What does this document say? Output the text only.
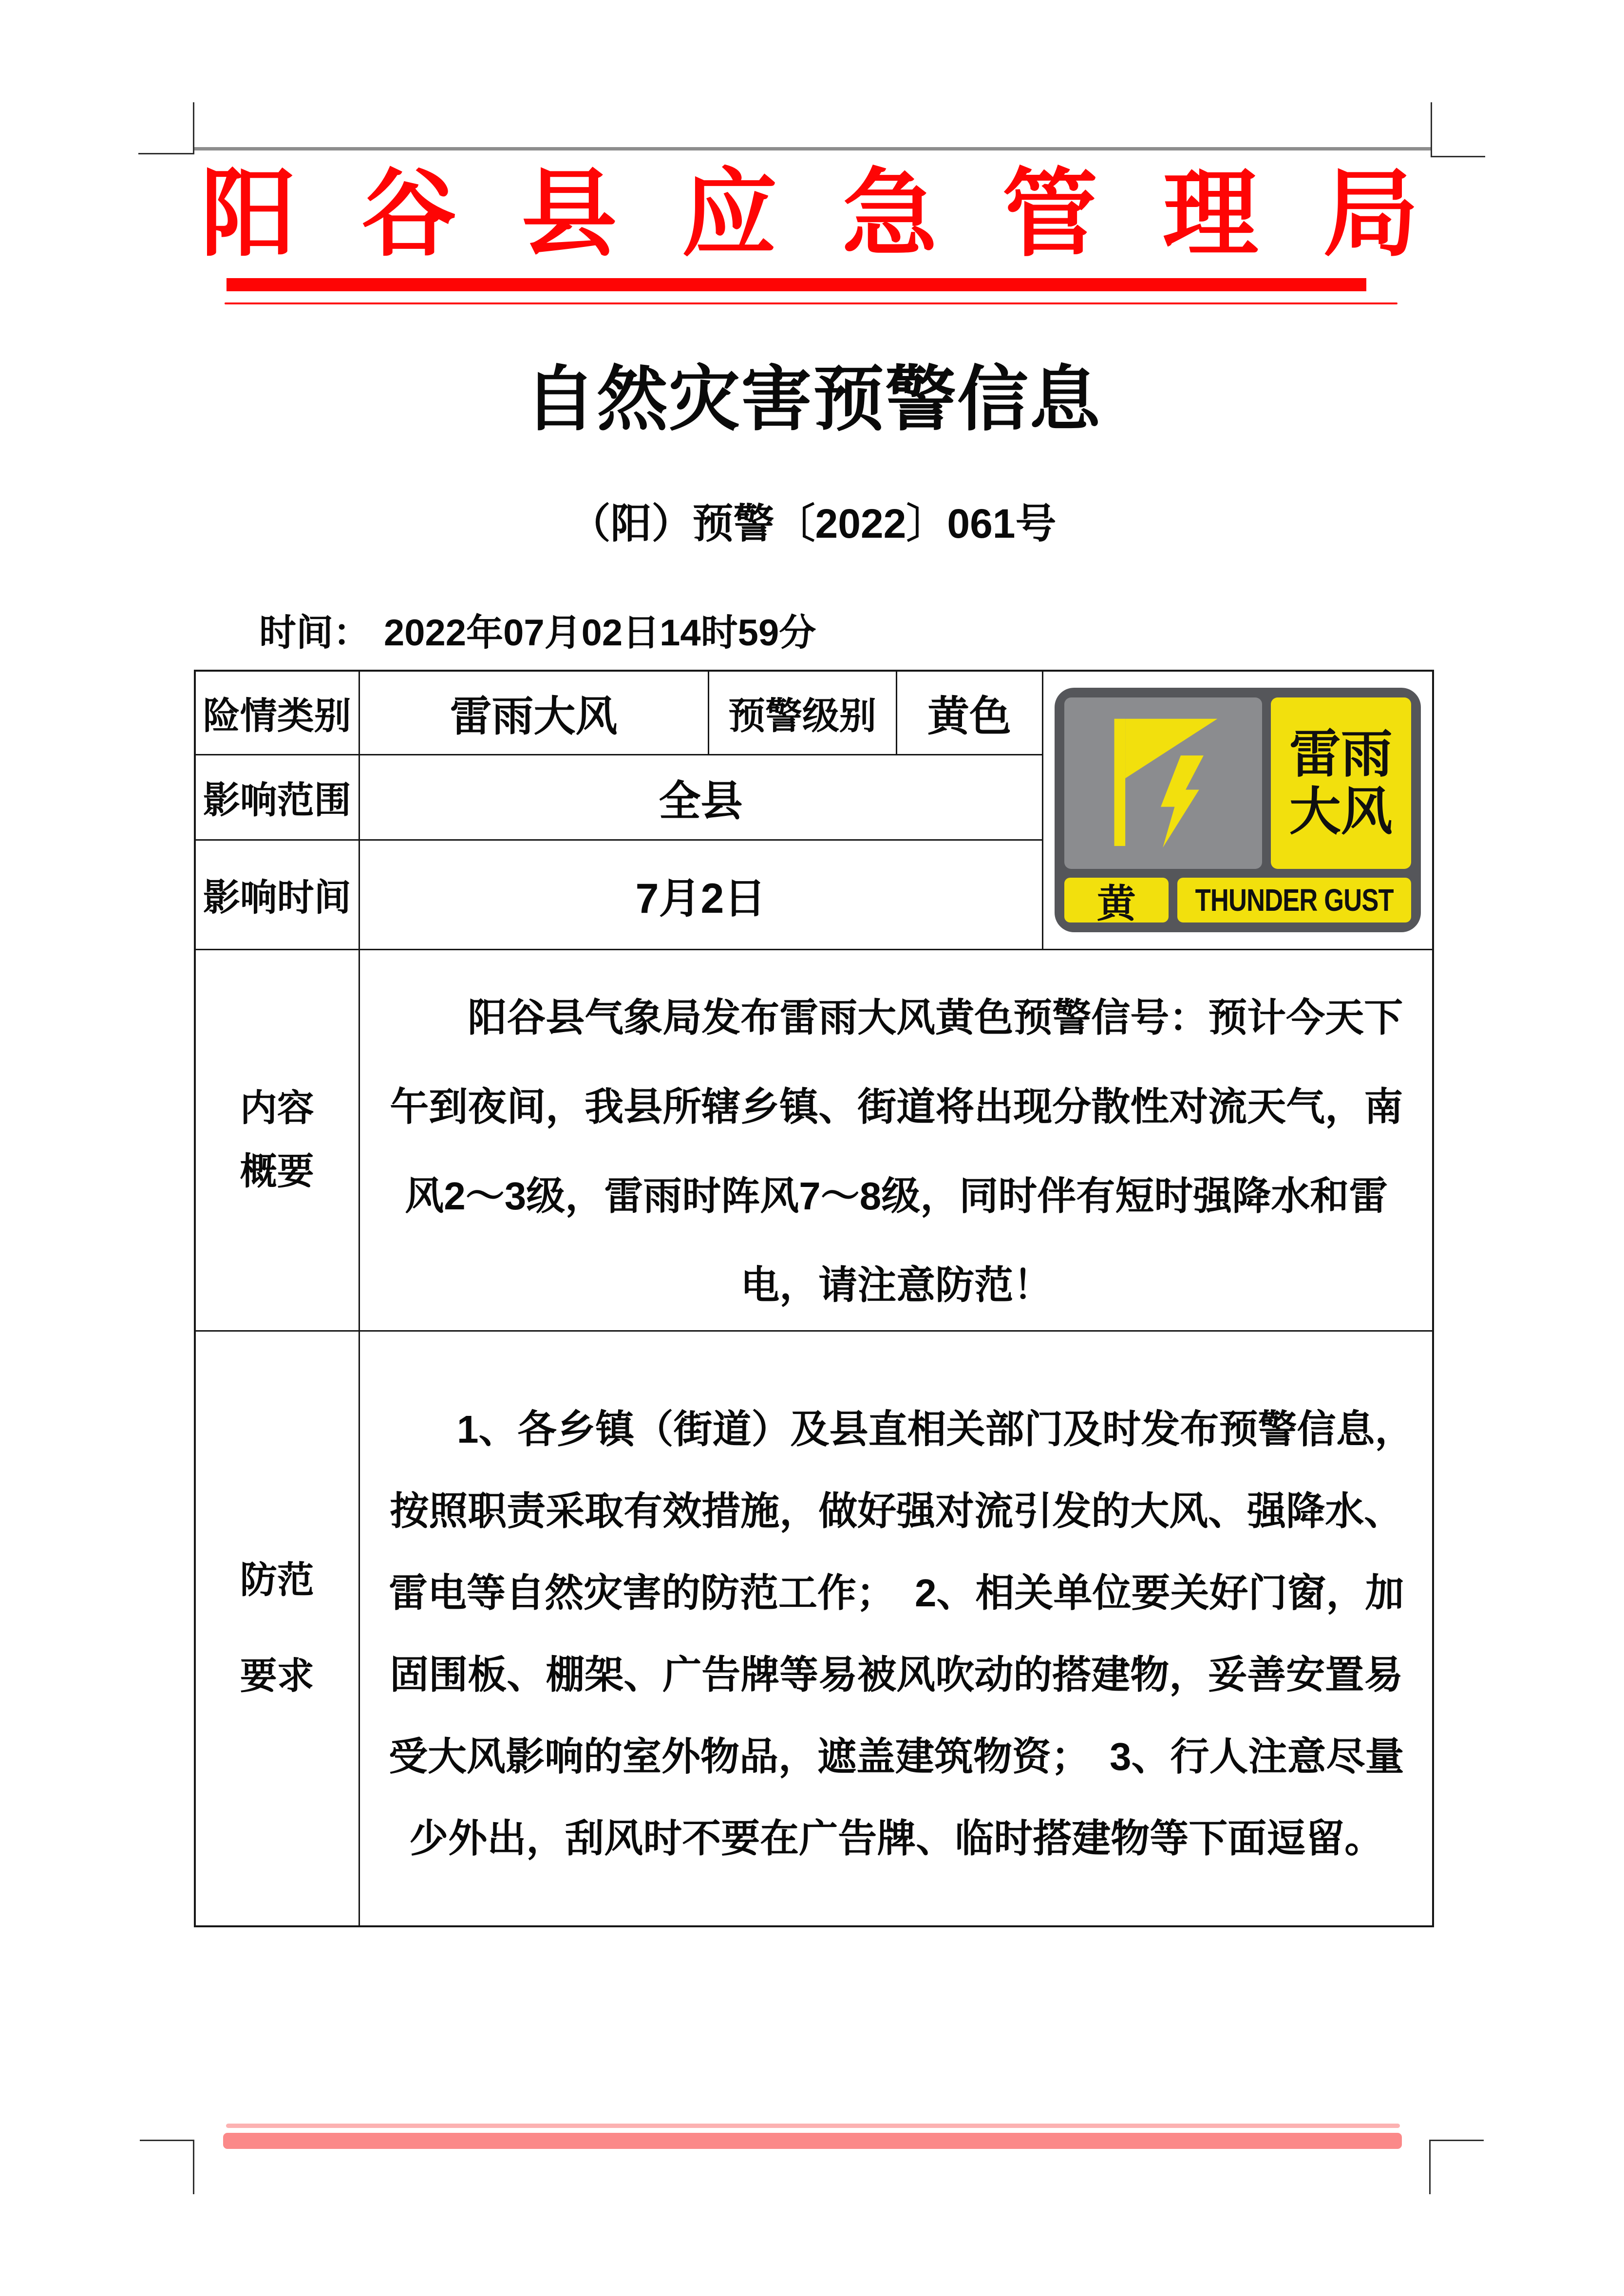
阳 谷 县 应 急 管 理 局
自然灾害预警信息
（阳）预警〔2022〕061号
时间： 2022年07月02日14时59分
险情类别	雷雨大风	预警级别	黄色	雷雨
大风
黄 THUNDER GUST

影响范围	全县			
影响时间	7月2日			

内容
概要	阳谷县气象局发布雷雨大风黄色预警信号：预计今天下午到夜间，我县所辖乡镇、街道将出现分散性对流天气，南风2～3级，雷雨时阵风7～8级，同时伴有短时强降水和雷电，请注意防范！			

防范
要求	1、各乡镇（街道）及县直相关部门及时发布预警信息，按照职责采取有效措施，做好强对流引发的大风、强降水、雷电等自然灾害的防范工作；　2、相关单位要关好门窗，加固围板、棚架、广告牌等易被风吹动的搭建物，妥善安置易受大风影响的室外物品，遮盖建筑物资；　3、行人注意尽量少外出，刮风时不要在广告牌、临时搭建物等下面逗留。			
